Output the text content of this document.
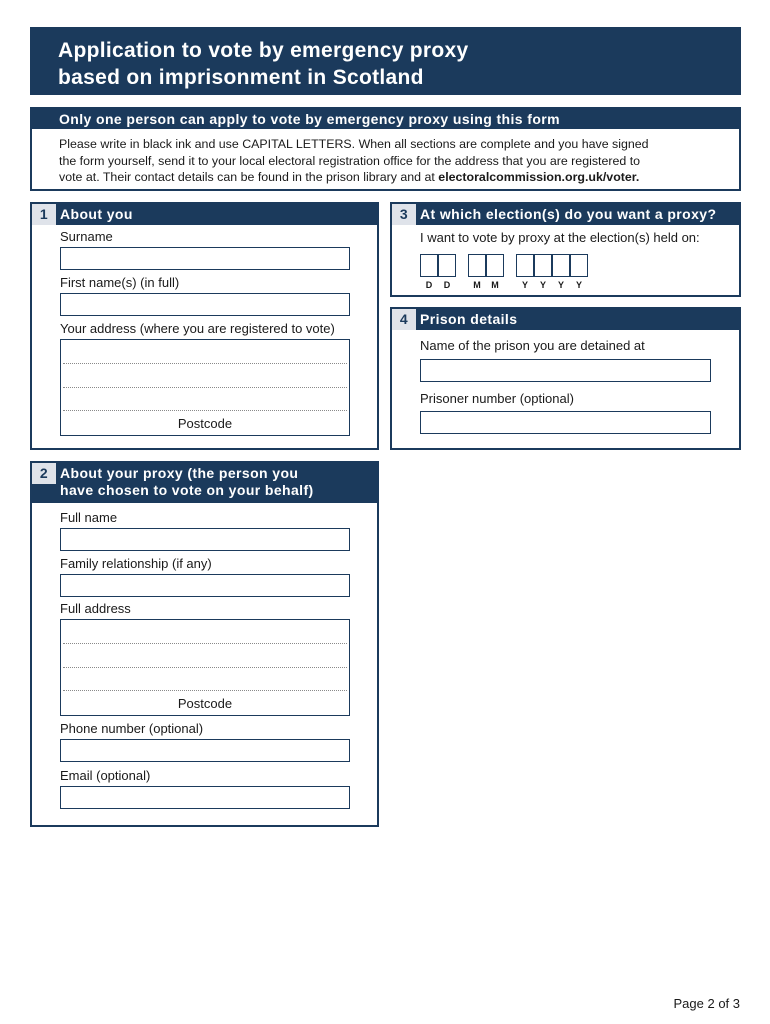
Application to vote by emergency proxy
based on imprisonment in Scotland
Only one person can apply to vote by emergency proxy using this form
Please write in black ink and use CAPITAL LETTERS. When all sections are complete and you have signed
the form yourself, send it to your local electoral registration office for the address that you are registered to
vote at. Their contact details can be found in the prison library and at electoralcommission.org.uk/voter.
1 About you
Surname
First name(s) (in full)
Your address (where you are registered to vote)
Postcode
2 About your proxy (the person you
have chosen to vote on your behalf)
Full name
Family relationship (if any)
Full address
Postcode
Phone number (optional)
Email (optional)
3 At which election(s) do you want a proxy?
I want to vote by proxy at the election(s) held on:
D	D	M	M	Y	Y	Y	Y
4 Prison details
Name of the prison you are detained at
Prisoner number (optional)
Page 2 of 3
